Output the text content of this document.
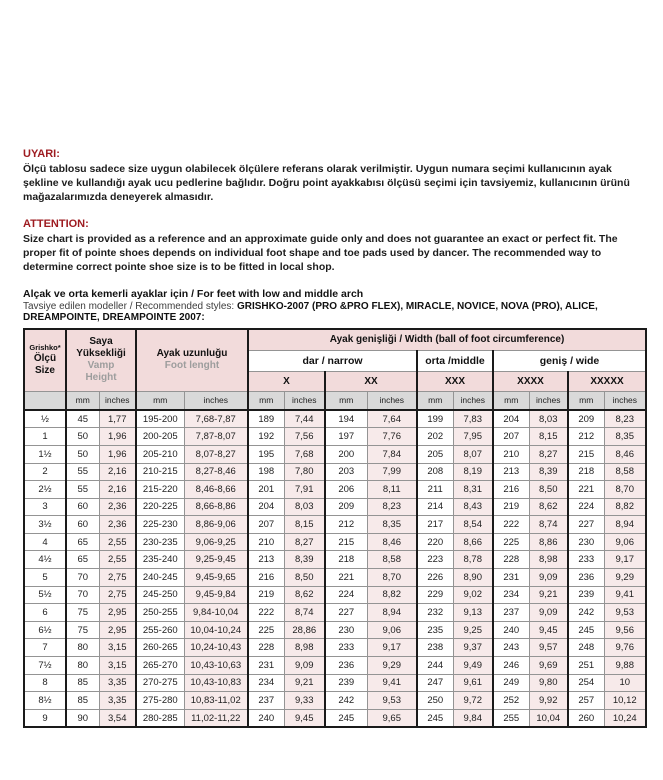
UYARI:

Ölçü tablosu sadece size uygun olabilecek ölçülere referans olarak verilmiştir. Uygun numara seçimi kullanıcının ayak şekline ve kullandığı ayak ucu pedlerine bağlıdır. Doğru point ayakkabısı ölçüsü seçimi için tavsiyemiz, kullanıcının ürünü mağazalarımızda deneyerek almasıdır.

ATTENTION:

Size chart is provided as a reference and an approximate guide only and does not guarantee an exact or perfect fit. The proper fit of pointe shoes depends on individual foot shape and toe pads used by dancer. The recommended way to determine correct pointe shoe size is to be fitted in local shop.

Alçak ve orta kemerli ayaklar için / For feet with low and middle arch

Tavsiye edilen modeller / Recommended styles: GRISHKO-2007 (PRO &PRO FLEX), MIRACLE, NOVICE, NOVA (PRO), ALICE, DREAMPOINTE, DREAMPOINTE 2007:

Grishko*
Ölçü
Size	Saya
Yüksekliği
Vamp
Height		Ayak uzunluğu
Foot lenght		Ayak genişliği / Width (ball of foot circumference)									
					dar / narrow				orta /middle		geniş / wide			
					X		XX		XXX		XXXX		XXXXX	
	mm	inches	mm	inches	mm	inches	mm	inches	mm	inches	mm	inches	mm	inches
½	45	1,77	195-200	7,68-7,87	189	7,44	194	7,64	199	7,83	204	8,03	209	8,23
1	50	1,96	200-205	7,87-8,07	192	7,56	197	7,76	202	7,95	207	8,15	212	8,35
1½	50	1,96	205-210	8,07-8,27	195	7,68	200	7,84	205	8,07	210	8,27	215	8,46
2	55	2,16	210-215	8,27-8,46	198	7,80	203	7,99	208	8,19	213	8,39	218	8,58
2½	55	2,16	215-220	8,46-8,66	201	7,91	206	8,11	211	8,31	216	8,50	221	8,70
3	60	2,36	220-225	8,66-8,86	204	8,03	209	8,23	214	8,43	219	8,62	224	8,82
3½	60	2,36	225-230	8,86-9,06	207	8,15	212	8,35	217	8,54	222	8,74	227	8,94
4	65	2,55	230-235	9,06-9,25	210	8,27	215	8,46	220	8,66	225	8,86	230	9,06
4½	65	2,55	235-240	9,25-9,45	213	8,39	218	8,58	223	8,78	228	8,98	233	9,17
5	70	2,75	240-245	9,45-9,65	216	8,50	221	8,70	226	8,90	231	9,09	236	9,29
5½	70	2,75	245-250	9,45-9,84	219	8,62	224	8,82	229	9,02	234	9,21	239	9,41
6	75	2,95	250-255	9,84-10,04	222	8,74	227	8,94	232	9,13	237	9,09	242	9,53
6½	75	2,95	255-260	10,04-10,24	225	28,86	230	9,06	235	9,25	240	9,45	245	9,56
7	80	3,15	260-265	10,24-10,43	228	8,98	233	9,17	238	9,37	243	9,57	248	9,76
7½	80	3,15	265-270	10,43-10,63	231	9,09	236	9,29	244	9,49	246	9,69	251	9,88
8	85	3,35	270-275	10,43-10,83	234	9,21	239	9,41	247	9,61	249	9,80	254	10
8½	85	3,35	275-280	10,83-11,02	237	9,33	242	9,53	250	9,72	252	9,92	257	10,12
9	90	3,54	280-285	11,02-11,22	240	9,45	245	9,65	245	9,84	255	10,04	260	10,24
